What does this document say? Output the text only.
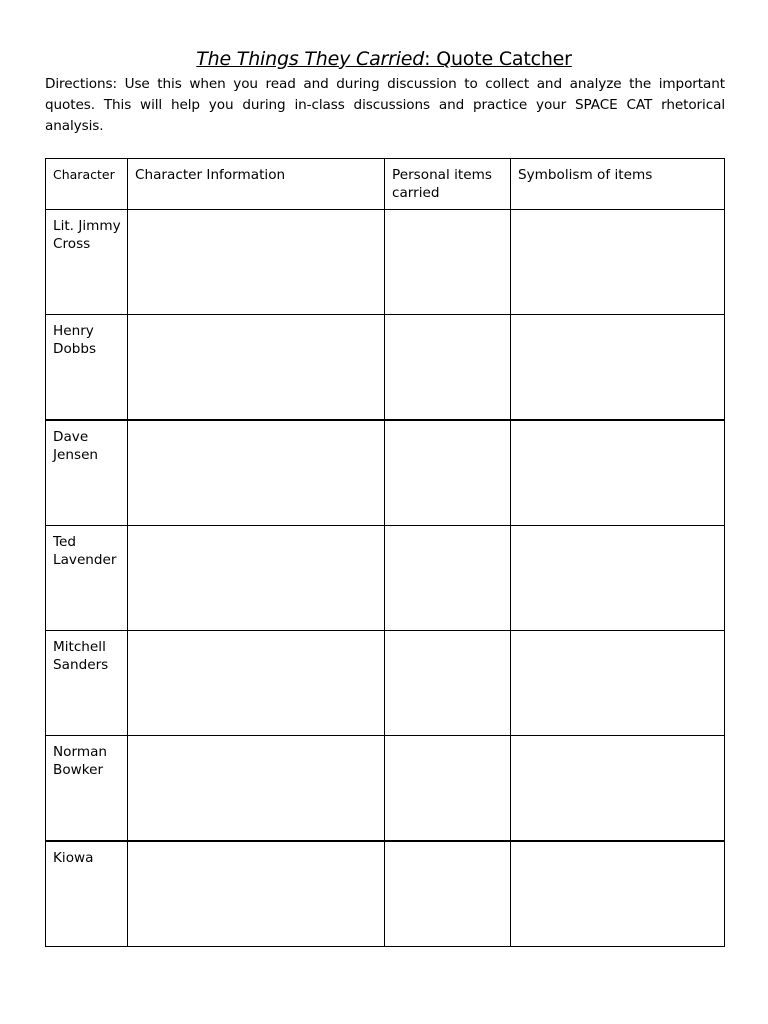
The Things They Carried: Quote Catcher
Directions: Use this when you read and during discussion to collect and analyze the important
quotes. This will help you during in-class discussions and practice your SPACE CAT rhetorical
analysis.
Character	Character Information	Personal items carried	Symbolism of items

Lit. Jimmy Cross			

Henry Dobbs			

Dave Jensen			

Ted Lavender			

Mitchell Sanders			

Norman Bowker			

Kiowa			
